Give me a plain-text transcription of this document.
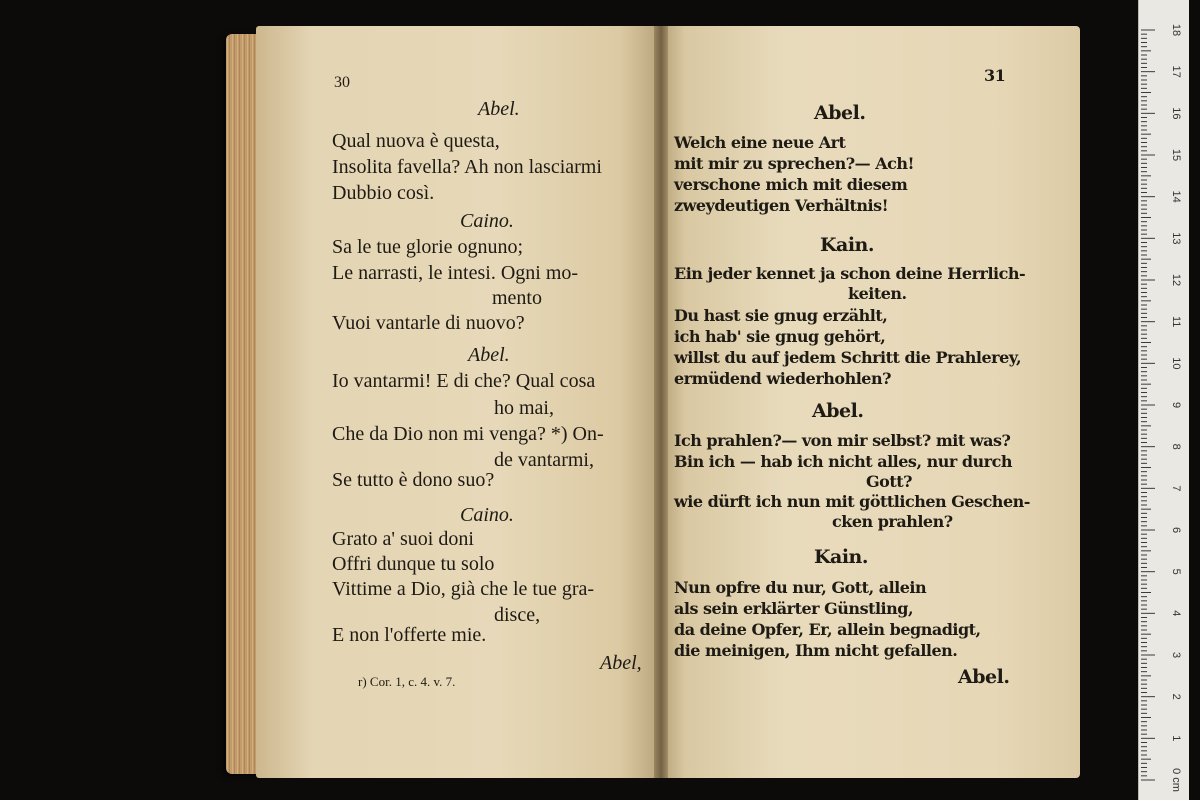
30
Abel.
Qual nuova è questa,
Insolita favella? Ah non lasciarmi
Dubbio così.
Caino.
Sa le tue glorie ognuno;
Le narrasti, le intesi. Ogni mo-
mento
Vuoi vantarle di nuovo?
Abel.
Io vantarmi! E di che? Qual cosa
ho mai,
Che da Dio non mi venga? *) On-
de vantarmi,
Se tutto è dono suo?
Caino.
Grato a' suoi doni
Offri dunque tu solo
Vittime a Dio, già che le tue gra-
disce,
E non l'offerte mie.
Abel,
r) Cor. 1, c. 4. v. 7.
31
Abel.
Welch eine neue Art
mit mir zu sprechen?— Ach!
verschone mich mit diesem
zweydeutigen Verhältnis!
Kain.
Ein jeder kennet ja schon deine Herrlich-
keiten.
Du hast sie gnug erzählt,
ich hab' sie gnug gehört,
willst du auf jedem Schritt die Prahlerey,
ermüdend wiederhohlen?
Abel.
Ich prahlen?— von mir selbst? mit was?
Bin ich — hab ich nicht alles, nur durch
Gott?
wie dürft ich nun mit göttlichen Geschen-
cken prahlen?
Kain.
Nun opfre du nur, Gott, allein
als sein erklärter Günstling,
da deine Opfer, Er, allein begnadigt,
die meinigen, Ihm nicht gefallen.
Abel.
0 cm
1
2
3
4
5
6
7
8
9
10
11
12
13
14
15
16
17
18
